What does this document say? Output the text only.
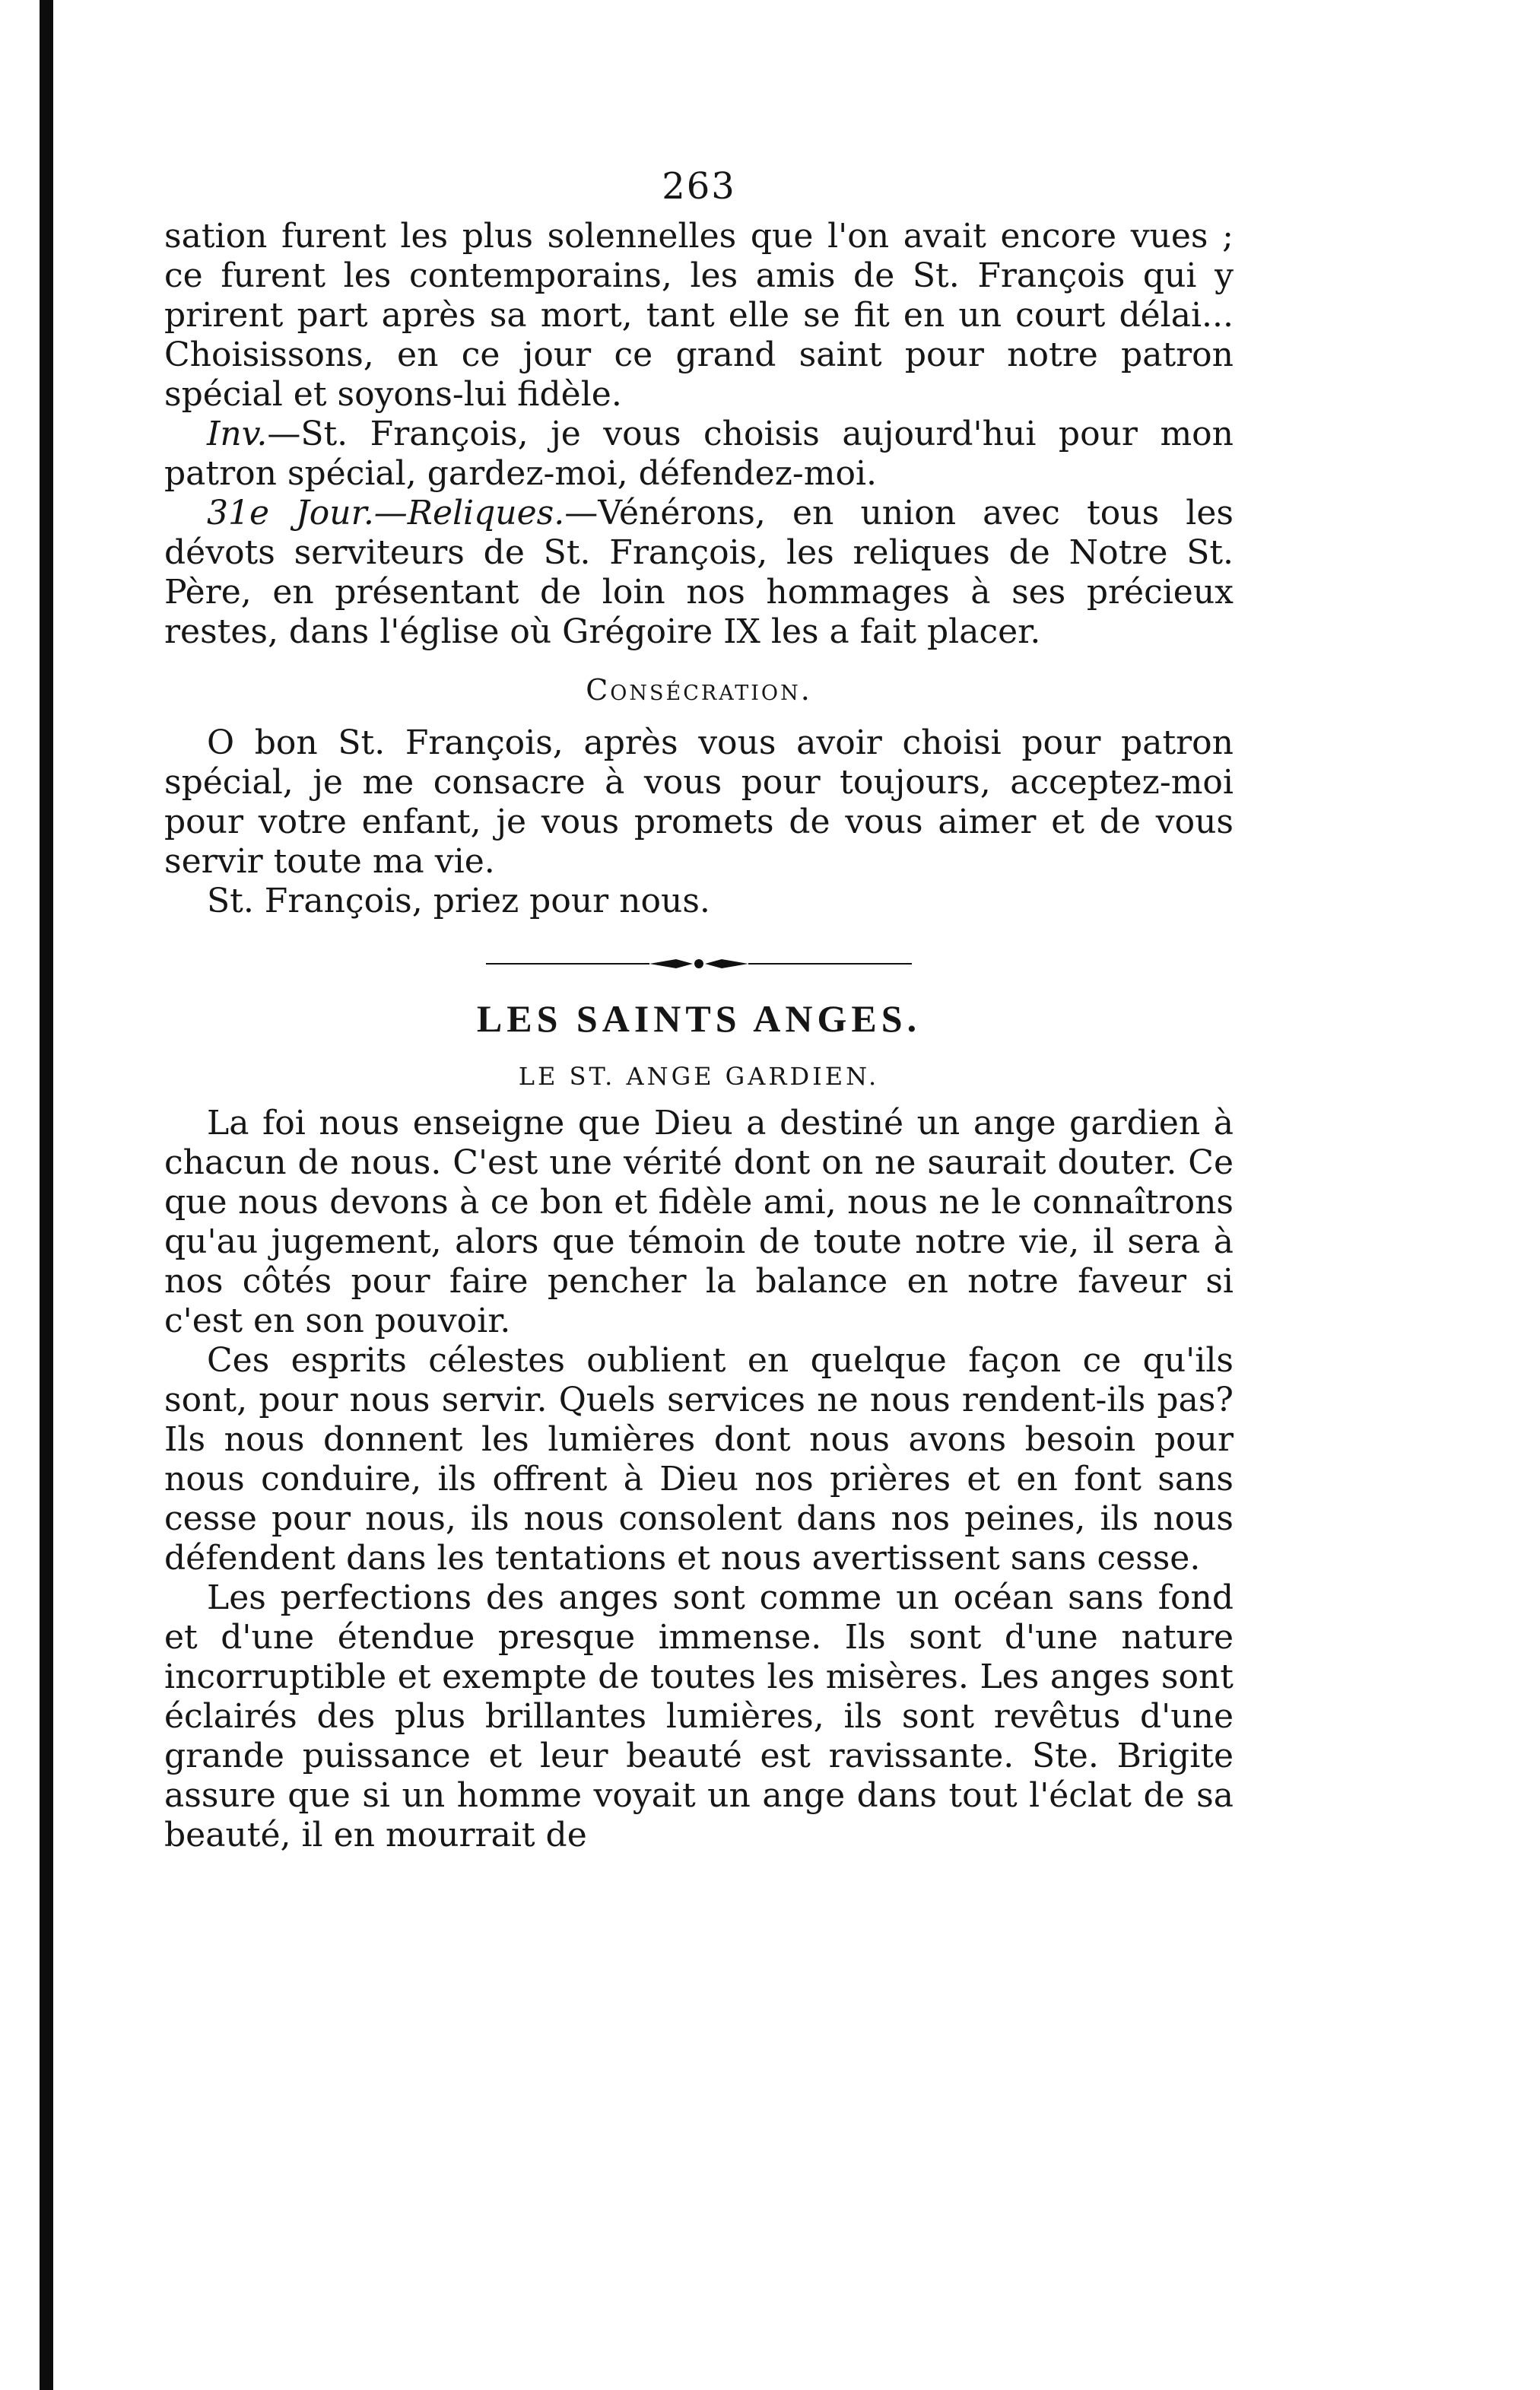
263

sation furent les plus solennelles que l'on avait encore vues ; ce furent les contemporains, les amis de St. François qui y prirent part après sa mort, tant elle se fit en un court délai... Choisissons, en ce jour ce grand saint pour notre patron spécial et soyons-lui fidèle.

Inv.—St. François, je vous choisis aujourd'hui pour mon patron spécial, gardez-moi, défendez-moi.

31e Jour.—Reliques.—Vénérons, en union avec tous les dévots serviteurs de St. François, les reliques de Notre St. Père, en présentant de loin nos hommages à ses précieux restes, dans l'église où Grégoire IX les a fait placer.

Consécration.

O bon St. François, après vous avoir choisi pour patron spécial, je me consacre à vous pour toujours, acceptez-moi pour votre enfant, je vous promets de vous aimer et de vous servir toute ma vie.

St. François, priez pour nous.

LES SAINTS ANGES.
LE ST. ANGE GARDIEN.

La foi nous enseigne que Dieu a destiné un ange gardien à chacun de nous. C'est une vérité dont on ne saurait douter. Ce que nous devons à ce bon et fidèle ami, nous ne le connaîtrons qu'au jugement, alors que témoin de toute notre vie, il sera à nos côtés pour faire pencher la balance en notre faveur si c'est en son pouvoir.

Ces esprits célestes oublient en quelque façon ce qu'ils sont, pour nous servir. Quels services ne nous rendent-ils pas? Ils nous donnent les lumières dont nous avons besoin pour nous conduire, ils offrent à Dieu nos prières et en font sans cesse pour nous, ils nous consolent dans nos peines, ils nous défendent dans les tentations et nous avertissent sans cesse.

Les perfections des anges sont comme un océan sans fond et d'une étendue presque immense. Ils sont d'une nature incorruptible et exempte de toutes les misères. Les anges sont éclairés des plus brillantes lumières, ils sont revêtus d'une grande puissance et leur beauté est ravissante. Ste. Brigite assure que si un homme voyait un ange dans tout l'éclat de sa beauté, il en mourrait de
